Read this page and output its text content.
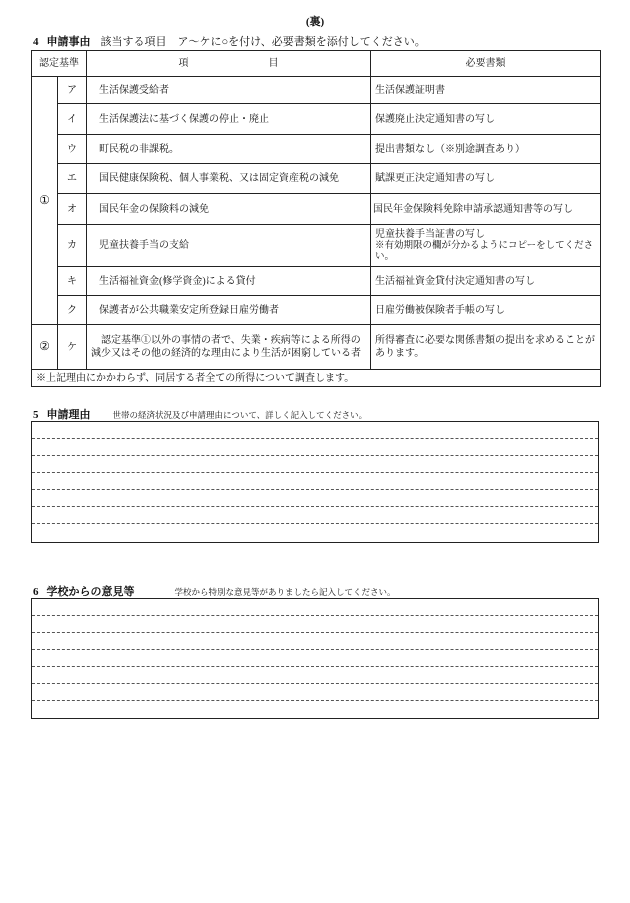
(裏)
4 申請事由 該当する項目　ア〜ケに○を付け、必要書類を添付してください。
認定基準		項　　　　　　　　目	必要書類
①	ア	生活保護受給者	生活保護証明書
	イ	生活保護法に基づく保護の停止・廃止	保護廃止決定通知書の写し
	ウ	町民税の非課税。	提出書類なし（※別途調査あり）
	エ	国民健康保険税、個人事業税、又は固定資産税の減免	賦課更正決定通知書の写し
	オ	国民年金の保険料の減免	国民年金保険料免除申請承認通知書等の写し
	カ	児童扶養手当の支給	児童扶養手当証書の写し
※有効期限の欄が分かるようにコピーをしてください。

	キ	生活福祉資金(修学資金)による貸付	生活福祉資金貸付決定通知書の写し
	ク	保護者が公共職業安定所登録日雇労働者	日雇労働被保険者手帳の写し
②	ケ	認定基準①以外の事情の者で、失業・疾病等による所得の減少又はその他の経済的な理由により生活が困窮している者	所得審査に必要な関係書類の提出を求めることがあります。
※上記理由にかかわらず、同居する者全ての所得について調査します。			
5 申請理由	世帯の経済状況及び申請理由について、詳しく記入してください。
6 学校からの意見等	学校から特別な意見等がありましたら記入してください。
